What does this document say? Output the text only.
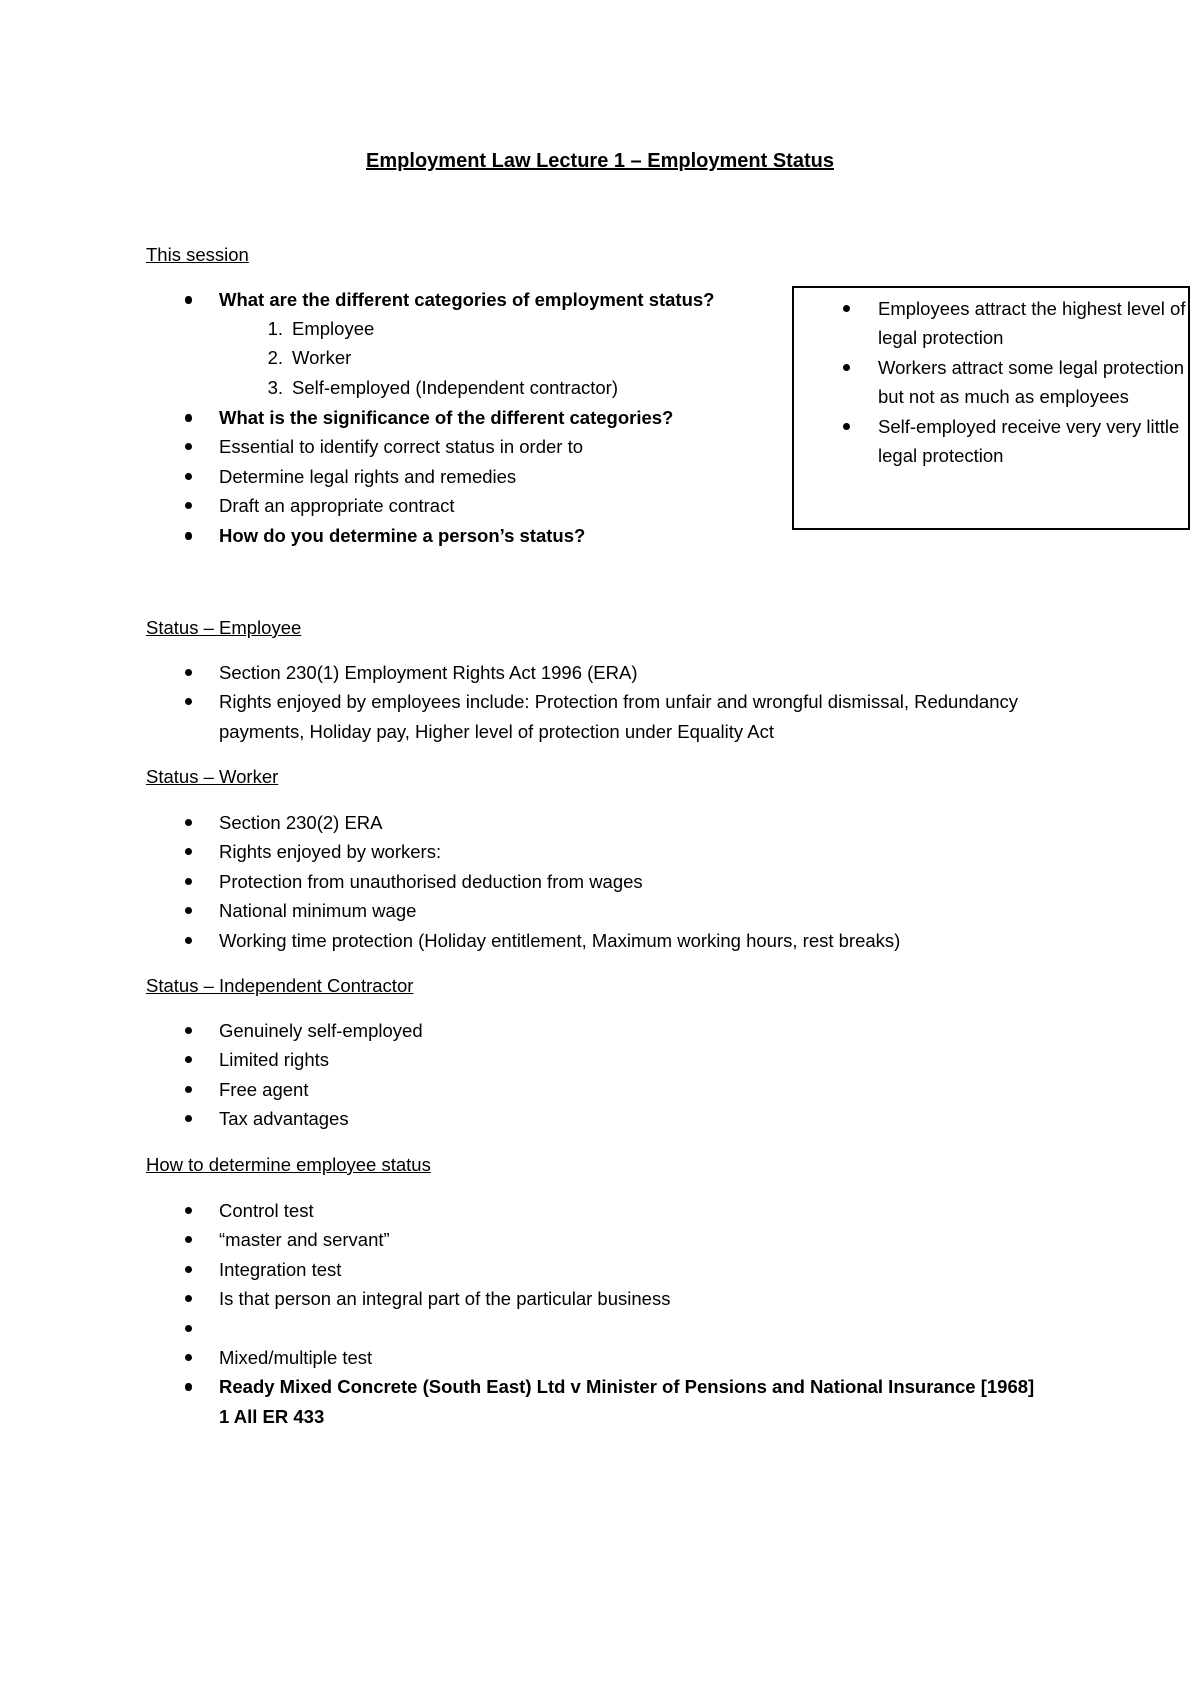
Employment Law Lecture 1 – Employment Status
This session
What are the different categories of employment status?
1. Employee
2. Worker
3. Self-employed (Independent contractor)
What is the significance of the different categories?
Essential to identify correct status in order to
Determine legal rights and remedies
Draft an appropriate contract
How do you determine a person’s status?
Employees attract the highest level of legal protection
Workers attract some legal protection but not as much as employees
Self-employed receive very very little legal protection
Status – Employee
Section 230(1) Employment Rights Act 1996 (ERA)
Rights enjoyed by employees include: Protection from unfair and wrongful dismissal, Redundancy payments, Holiday pay, Higher level of protection under Equality Act
Status – Worker
Section 230(2) ERA
Rights enjoyed by workers:
Protection from unauthorised deduction from wages
National minimum wage
Working time protection (Holiday entitlement, Maximum working hours, rest breaks)
Status – Independent Contractor
Genuinely self-employed
Limited rights
Free agent
Tax advantages
How to determine employee status
Control test
“master and servant”
Integration test
Is that person an integral part of the particular business

Mixed/multiple test
Ready Mixed Concrete (South East) Ltd v Minister of Pensions and National Insurance [1968] 1 All ER 433
